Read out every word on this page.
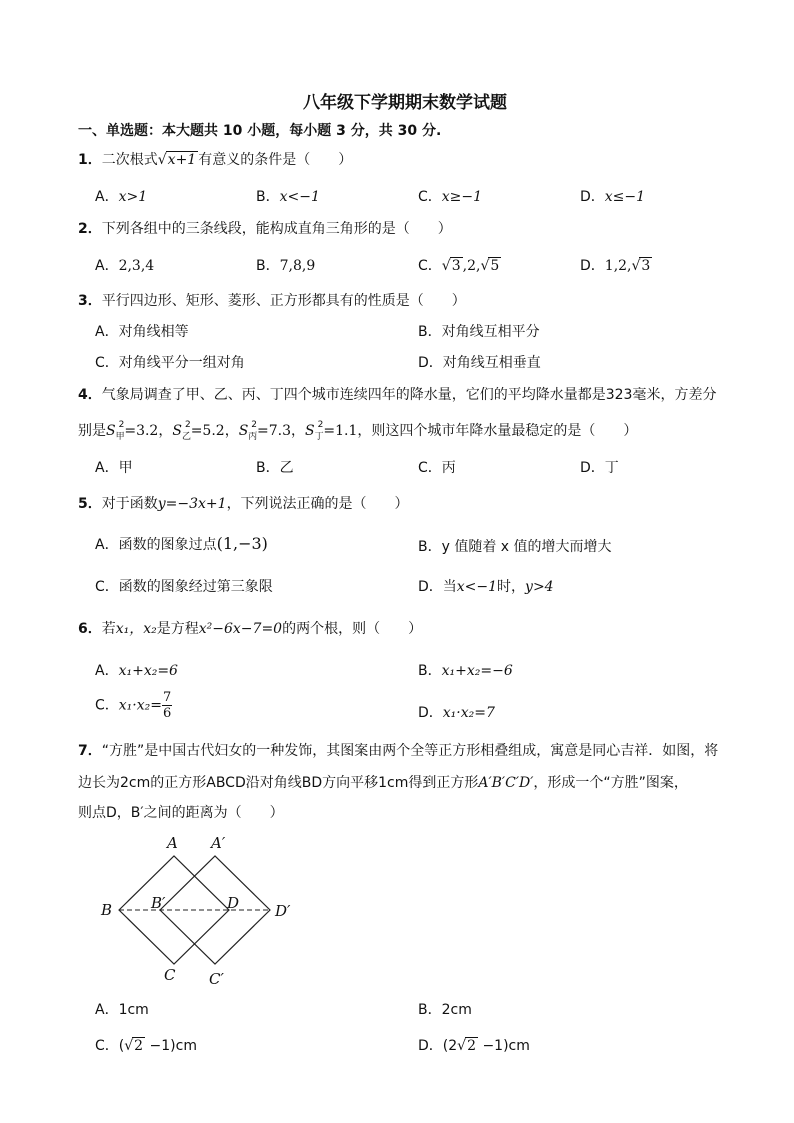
八年级下学期期末数学试题
一、单选题：本大题共 10 小题，每小题 3 分，共 30 分.
1．二次根式√x+1 有意义的条件是（　　）
A．x>1	B．x<−1	C．x≥−1	D．x≤−1
2．下列各组中的三条线段，能构成直角三角形的是（　　）
A．2,3,4	B．7,8,9	C．√3 ,2,√5	D．1,2,√3
3．平行四边形、矩形、菱形、正方形都具有的性质是（　　）
A．对角线相等	B．对角线互相平分
C．对角线平分一组对角	D．对角线互相垂直
4．气象局调查了甲、乙、丙、丁四个城市连续四年的降水量，它们的平均降水量都是323毫米，方差分
别是$S_甲^2=3.2$，$S_乙^2=5.2$，$S_丙^2=7.3$，$S_丁^2=1.1$，则这四个城市年降水量最稳定的是（　　）
A．甲	B．乙	C．丙	D．丁
5．对于函数y=−3x+1，下列说法正确的是（　　）
A．函数的图象过点(1,−3)	B．y 值随着 x 值的增大而增大
C．函数的图象经过第三象限	D．当x<−1时，y>4
6．若x₁，x₂是方程x²−6x−7=0的两个根，则（　　）
A．x₁+x₂=6	B．x₁+x₂=−6
C．$x_1\cdot x_2= \frac{7}{6}$	D．x₁·x₂=7
7．“方胜”是中国古代妇女的一种发饰，其图案由两个全等正方形相叠组成，寓意是同心吉祥．如图，将
边长为2cm的正方形ABCD沿对角线BD方向平移1cm得到正方形A′B′C′D′，形成一个“方胜”图案，
则点D，B′之间的距离为（　　）
A A′
B	B′	D D′
C C′
A．1cm	B．2cm
C．(√2 −1)cm	D．(2√2 −1)cm
